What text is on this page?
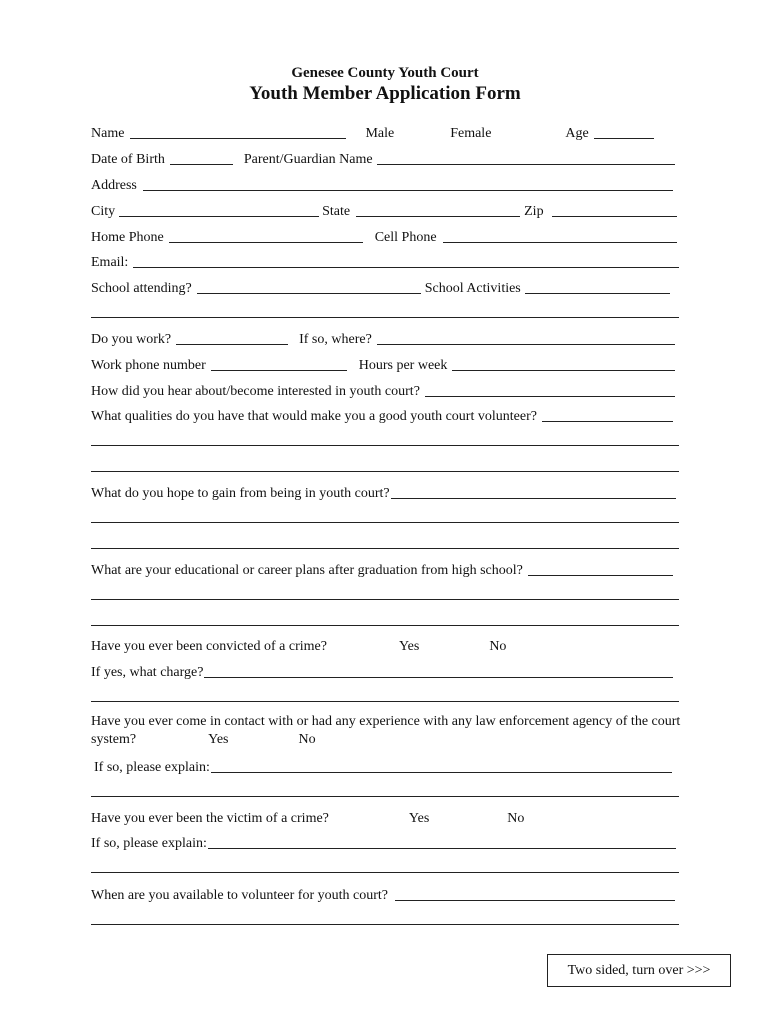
Genesee County Youth Court
Youth Member Application Form
Name	Male	Female	Age
Date of Birth	Parent/Guardian Name
Address
City	State	Zip
Home Phone	Cell Phone
Email:
School attending?	School Activities
Do you work?	If so, where?
Work phone number	Hours per week
How did you hear about/become interested in youth court?
What qualities do you have that would make you a good youth court volunteer?
What do you hope to gain from being in youth court?
What are your educational or career plans after graduation from high school?
Have you ever been convicted of a crime?	Yes	No
If yes, what charge?
Have you ever come in contact with or had any experience with any law enforcement agency of the court system?	Yes	No
If so, please explain:
Have you ever been the victim of a crime?	Yes	No
If so, please explain:
When are you available to volunteer for youth court?
Two sided, turn over >>>
